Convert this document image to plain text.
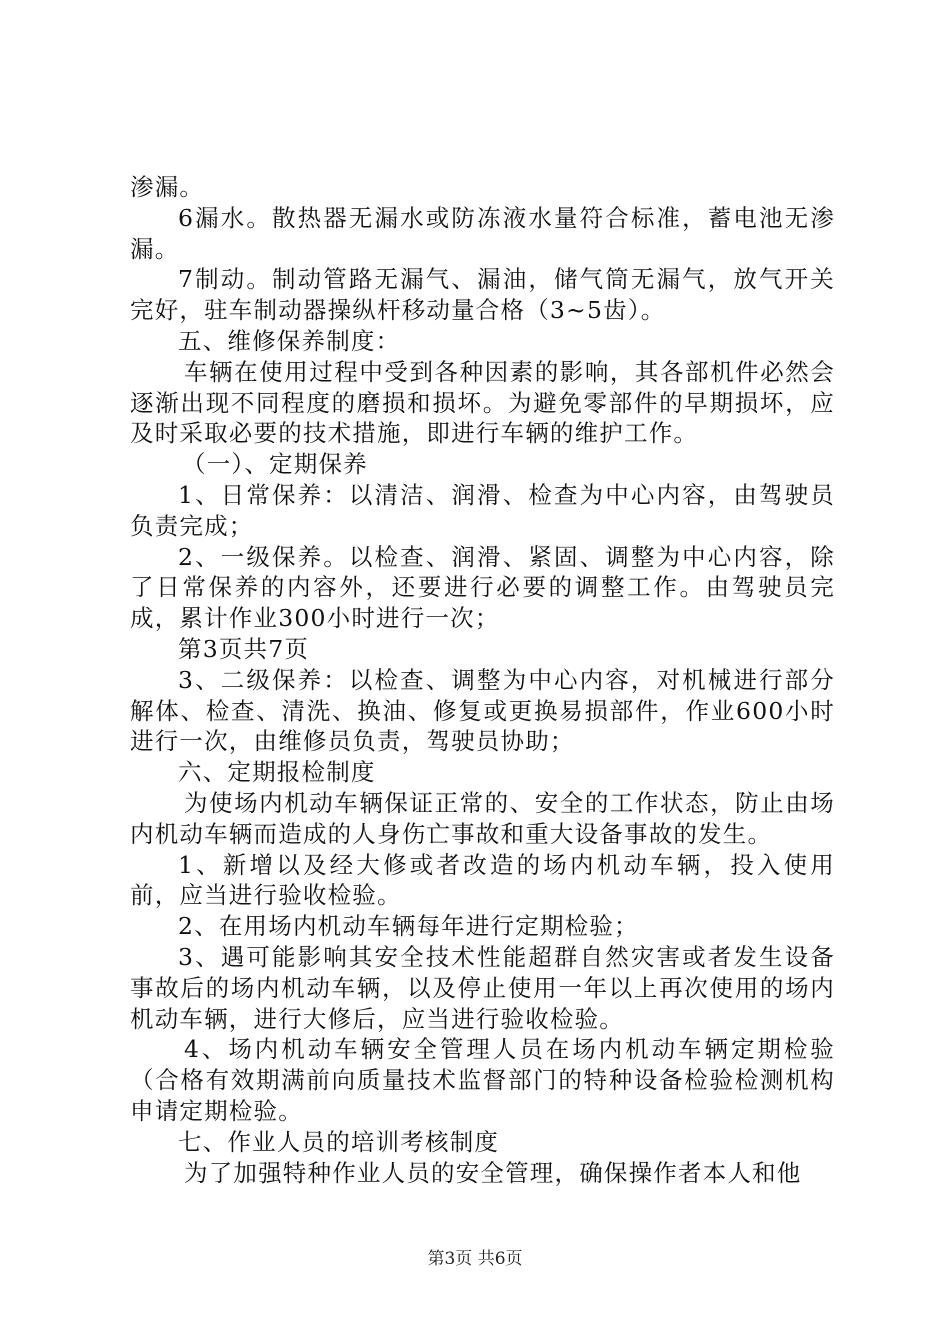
渗漏。

6漏水。散热器无漏水或防冻液水量符合标准，蓄电池无渗漏。

7制动。制动管路无漏气、漏油，储气筒无漏气，放气开关完好，驻车制动器操纵杆移动量合格（3~5齿）。

五、维修保养制度：

车辆在使用过程中受到各种因素的影响，其各部机件必然会逐渐出现不同程度的磨损和损坏。为避免零部件的早期损坏，应及时采取必要的技术措施，即进行车辆的维护工作。

（一）、定期保养

1、日常保养：以清洁、润滑、检查为中心内容，由驾驶员负责完成；

2、一级保养。以检查、润滑、紧固、调整为中心内容，除了日常保养的内容外，还要进行必要的调整工作。由驾驶员完成，累计作业300小时进行一次；

第3页共7页

3、二级保养：以检查、调整为中心内容，对机械进行部分解体、检查、清洗、换油、修复或更换易损部件，作业600小时进行一次，由维修员负责，驾驶员协助；

六、定期报检制度

为使场内机动车辆保证正常的、安全的工作状态，防止由场内机动车辆而造成的人身伤亡事故和重大设备事故的发生。

1、新增以及经大修或者改造的场内机动车辆，投入使用前，应当进行验收检验。

2、在用场内机动车辆每年进行定期检验；

3、遇可能影响其安全技术性能超群自然灾害或者发生设备事故后的场内机动车辆，以及停止使用一年以上再次使用的场内机动车辆，进行大修后，应当进行验收检验。

4、场内机动车辆安全管理人员在场内机动车辆定期检验（合格有效期满前向质量技术监督部门的特种设备检验检测机构申请定期检验。

七、作业人员的培训考核制度

为了加强特种作业人员的安全管理，确保操作者本人和他

第3页 共6页
